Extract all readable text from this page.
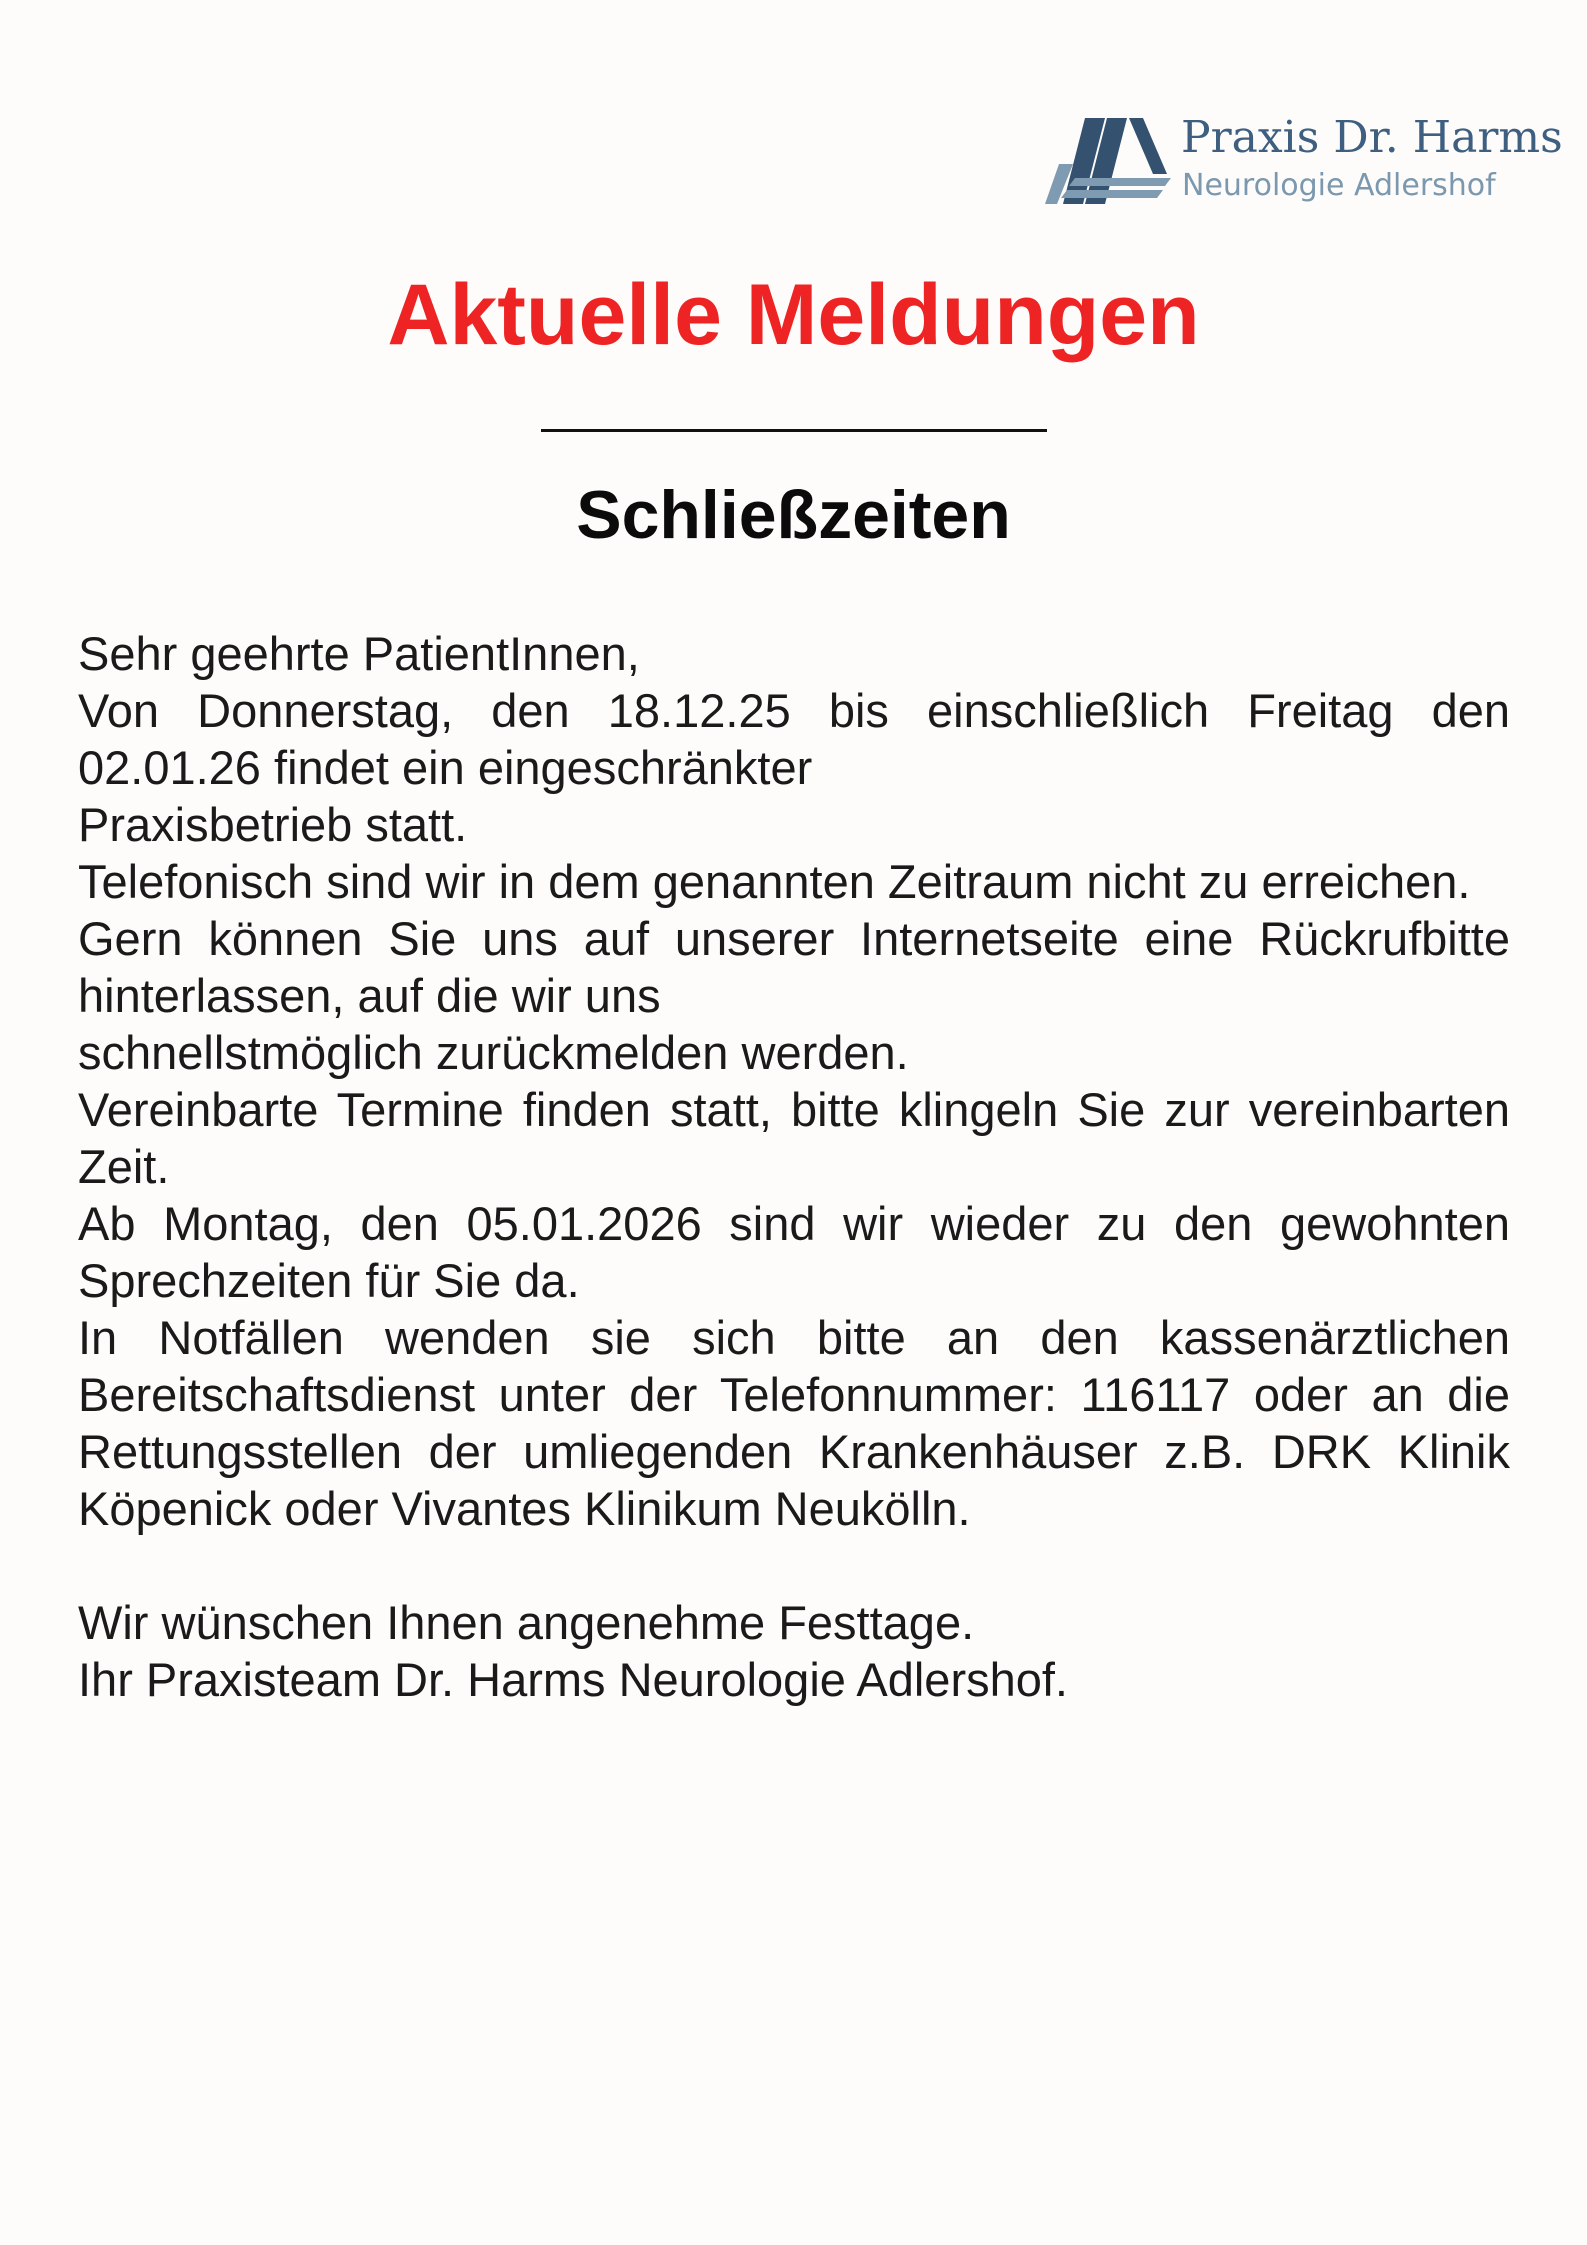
Praxis Dr. Harms
Neurologie Adlershof
Aktuelle Meldungen
Schließzeiten
Sehr geehrte PatientInnen,
Von Donnerstag, den 18.12.25 bis einschließlich Freitag den 02.01.26 findet ein eingeschränkter
Praxisbetrieb statt.
Telefonisch sind wir in dem genannten Zeitraum nicht zu erreichen.
Gern können Sie uns auf unserer Internetseite eine Rückrufbitte hinterlassen, auf die wir uns
schnellstmöglich zurückmelden werden.
Vereinbarte Termine finden statt, bitte klingeln Sie zur vereinbarten Zeit.
Ab Montag, den 05.01.2026 sind wir wieder zu den gewohnten Sprechzeiten für Sie da.
In Notfällen wenden sie sich bitte an den kassenärztlichen Bereitschaftsdienst unter der Telefonnummer: 116117 oder an die Rettungsstellen der umliegenden Krankenhäuser z.B. DRK Klinik Köpenick oder Vivantes Klinikum Neukölln.
Wir wünschen Ihnen angenehme Festtage.
Ihr Praxisteam Dr. Harms Neurologie Adlershof.
